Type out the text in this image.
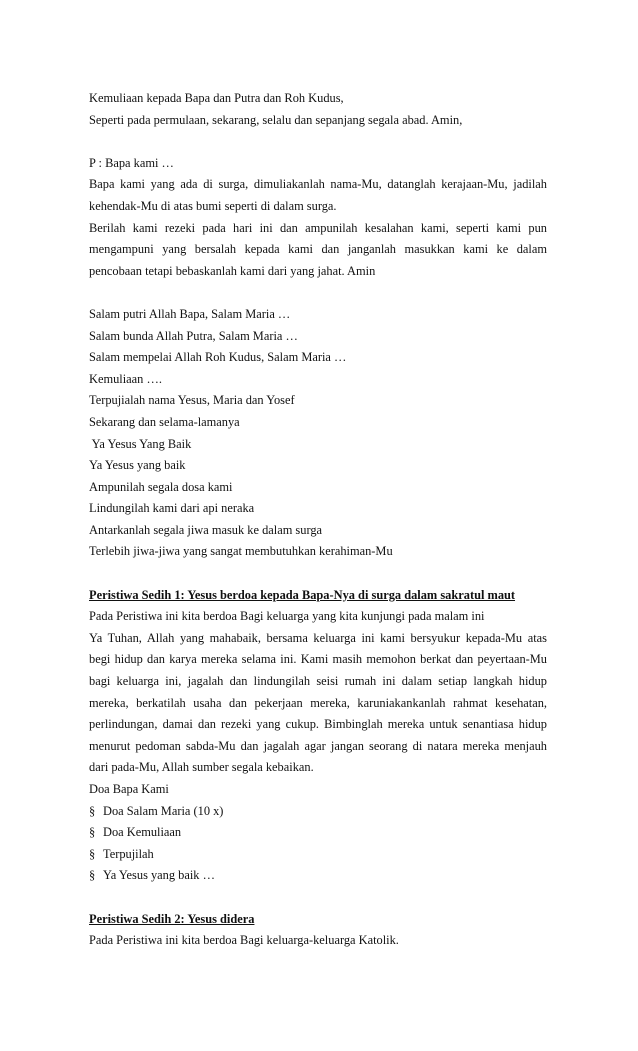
Kemuliaan kepada Bapa dan Putra dan Roh Kudus,
Seperti pada permulaan, sekarang, selalu dan sepanjang segala abad. Amin,
P : Bapa kami …
Bapa kami yang ada di surga, dimuliakanlah nama-Mu, datanglah kerajaan-Mu, jadilah
kehendak-Mu di atas bumi seperti di dalam surga.
Berilah kami rezeki pada hari ini dan ampunilah kesalahan kami, seperti kami pun
mengampuni yang bersalah kepada kami dan janganlah masukkan kami ke dalam
pencobaan tetapi bebaskanlah kami dari yang jahat. Amin
Salam putri Allah Bapa, Salam Maria …
Salam bunda Allah Putra, Salam Maria …
Salam mempelai Allah Roh Kudus, Salam Maria …
Kemuliaan ….
Terpujialah nama Yesus, Maria dan Yosef
Sekarang dan selama-lamanya
Ya Yesus Yang Baik
Ya Yesus yang baik
Ampunilah segala dosa kami
Lindungilah kami dari api neraka
Antarkanlah segala jiwa masuk ke dalam surga
Terlebih jiwa-jiwa yang sangat membutuhkan kerahiman-Mu
Peristiwa Sedih 1: Yesus berdoa kepada Bapa-Nya di surga dalam sakratul maut
Pada Peristiwa ini kita berdoa Bagi keluarga yang kita kunjungi pada malam ini
Ya Tuhan, Allah yang mahabaik, bersama keluarga ini kami bersyukur kepada-Mu atas
begi hidup dan karya mereka selama ini. Kami masih memohon berkat dan peyertaan-Mu
bagi keluarga ini, jagalah dan lindungilah seisi rumah ini dalam setiap langkah hidup
mereka, berkatilah usaha dan pekerjaan mereka, karuniakankanlah rahmat kesehatan,
perlindungan, damai dan rezeki yang cukup. Bimbinglah mereka untuk senantiasa hidup
menurut pedoman sabda-Mu dan jagalah agar jangan seorang di natara mereka menjauh
dari pada-Mu, Allah sumber segala kebaikan.
Doa Bapa Kami
§ Doa Salam Maria (10 x)
§ Doa Kemuliaan
§ Terpujilah
§ Ya Yesus yang baik …
Peristiwa Sedih 2: Yesus didera
Pada Peristiwa ini kita berdoa Bagi keluarga-keluarga Katolik.
